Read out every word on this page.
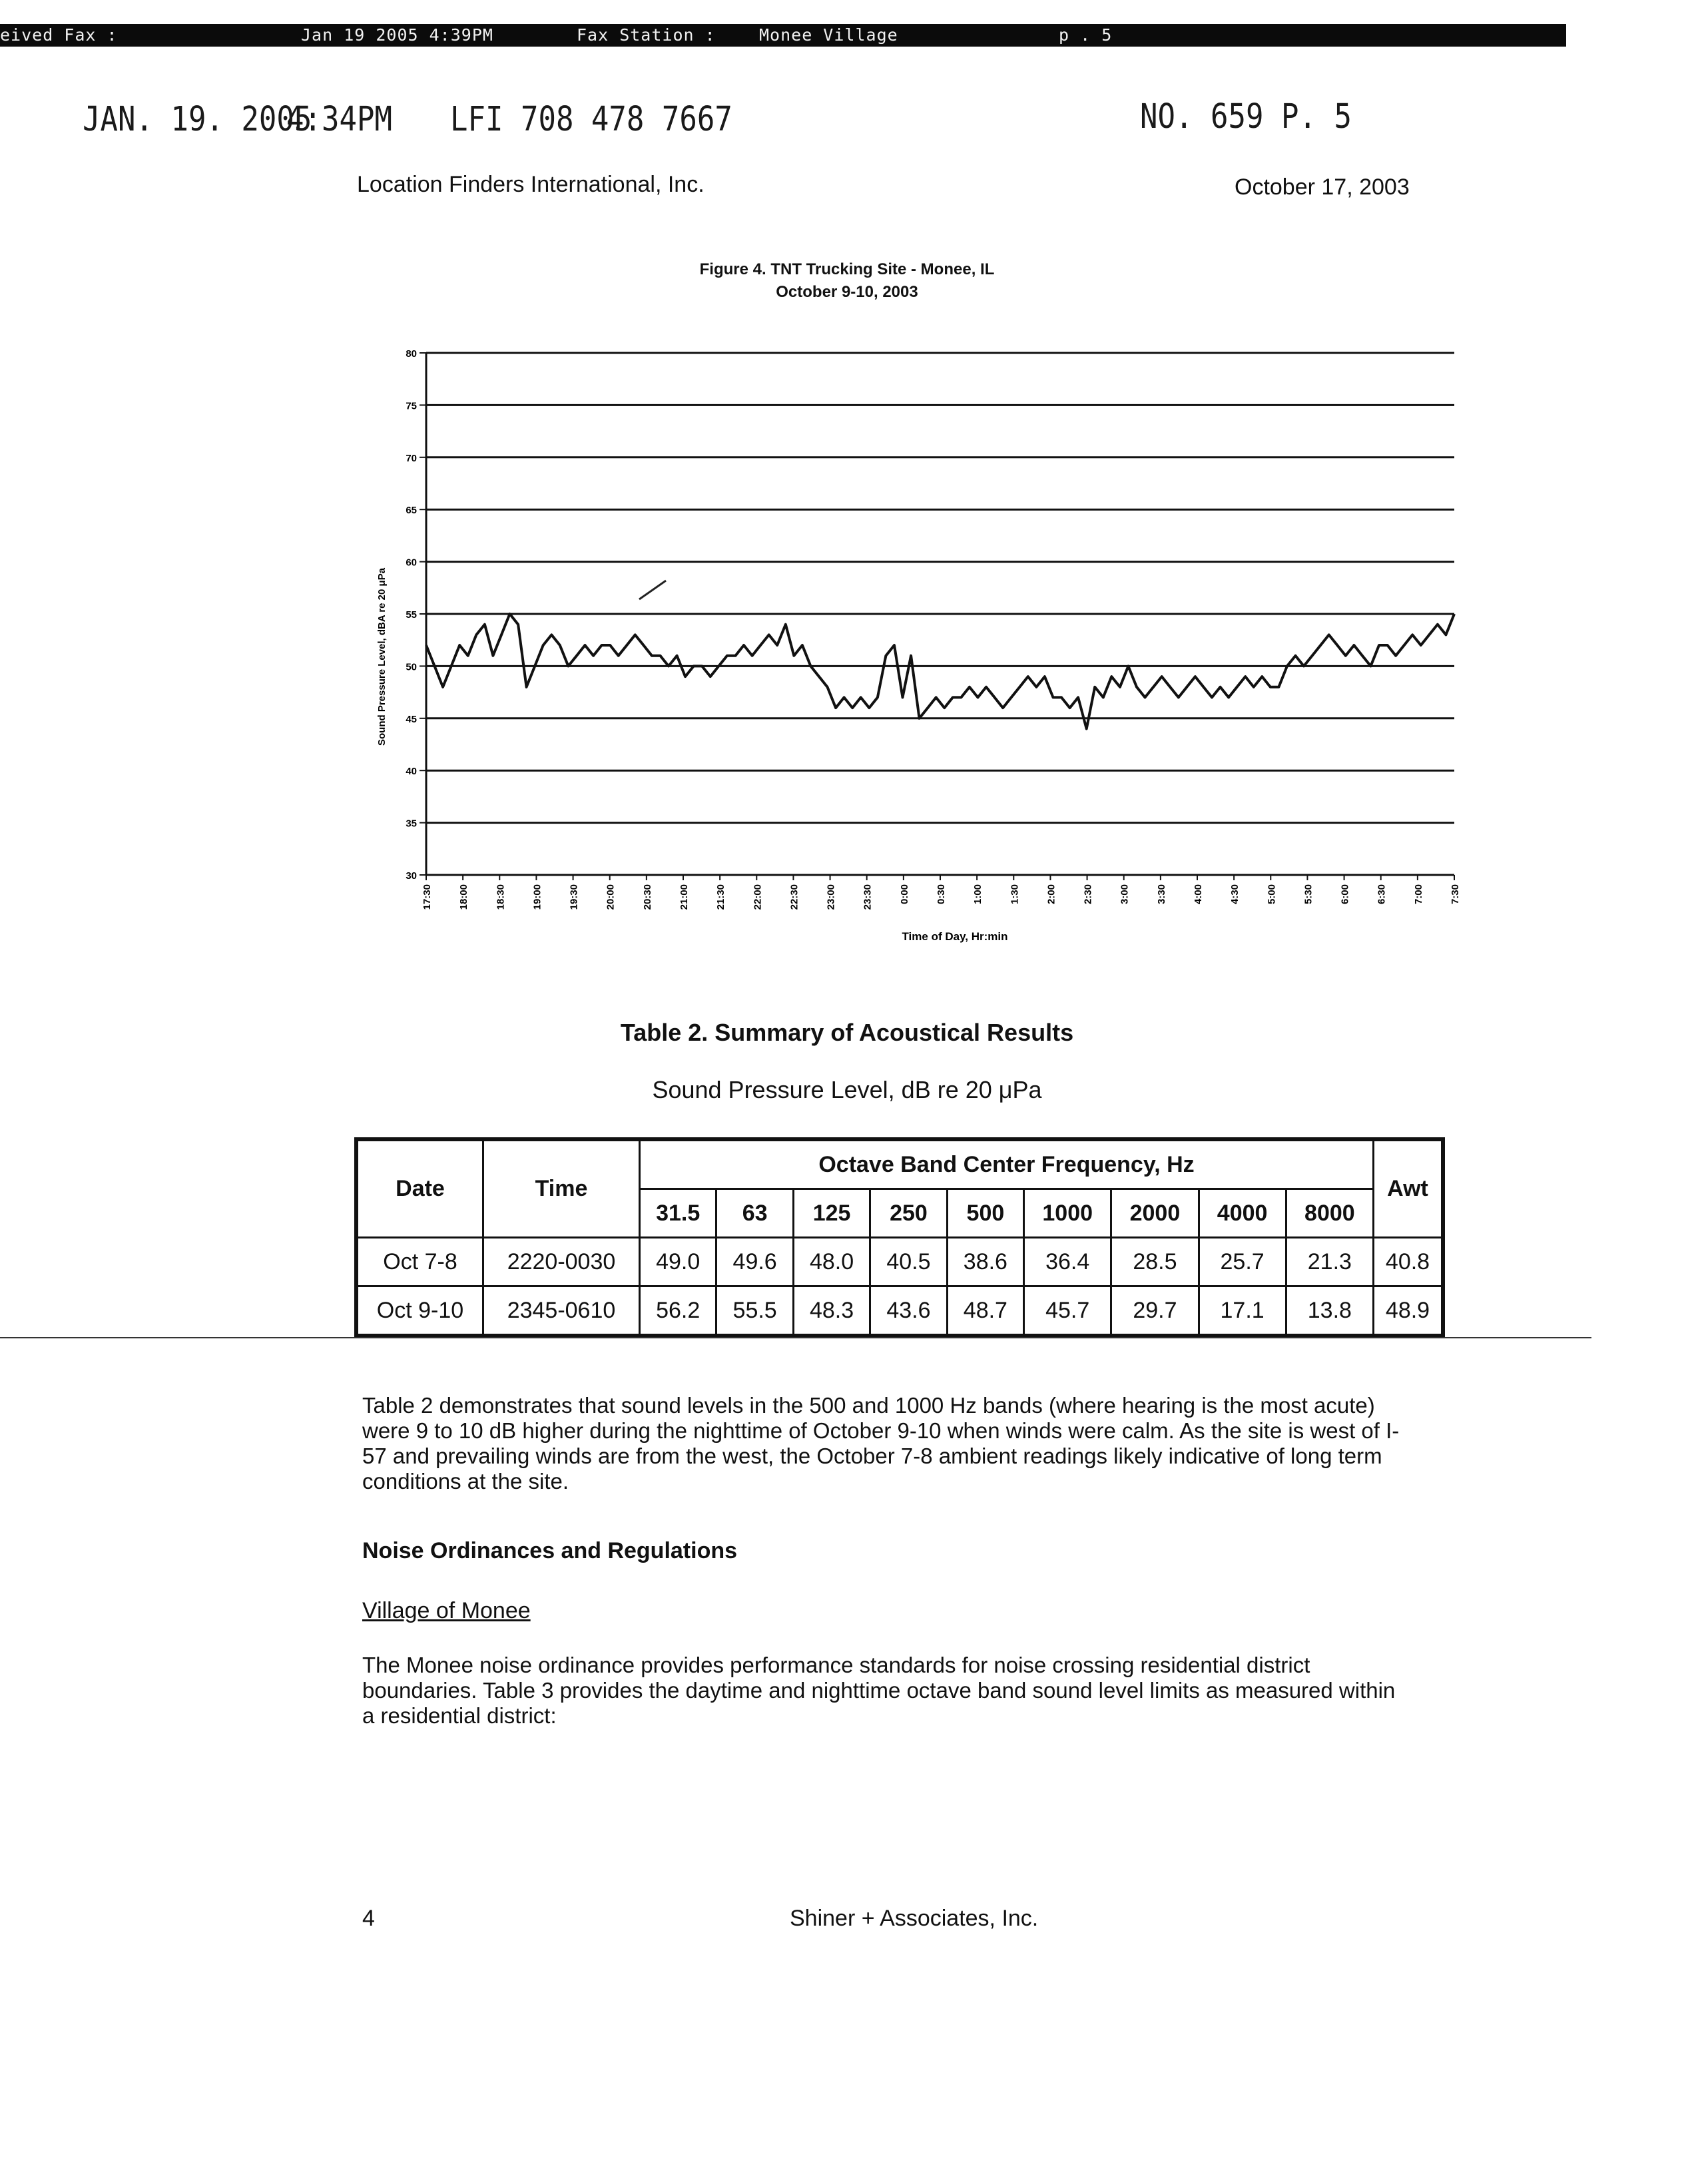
eived Fax :	Jan 19 2005 4:39PM	Fax Station :	Monee Village	p . 5
JAN. 19. 2005
4:34PM LFI 708 478 7667	NO. 659 P. 5
Location Finders International, Inc.	October 17, 2003
Figure 4. TNT Trucking Site - Monee, IL
October 9-10, 2003
30
35
40
45
50
55
60
65
70
75
80
17:30	18:00	18:30	19:00	19:30	20:00	20:30	21:00	21:30	22:00	22:30	23:00	23:30	0:00	0:30	1:00	1:30	2:00	2:30	3:00	3:30	4:00	4:30	5:00	5:30	6:00	6:30	7:00	7:30
Sound Pressure Level, dBA re 20 μPa
Time of Day, Hr:min
Table 2. Summary of Acoustical Results
Sound Pressure Level, dB re 20 μPa
Date	Time	Octave Band Center Frequency, Hz									Awt
		31.5	63	125	250	500	1000	2000	4000	8000	
Oct 7-8	2220-0030	49.0	49.6	48.0	40.5	38.6	36.4	28.5	25.7	21.3	40.8
Oct 9-10	2345-0610	56.2	55.5	48.3	43.6	48.7	45.7	29.7	17.1	13.8	48.9
Table 2 demonstrates that sound levels in the 500 and 1000 Hz bands (where hearing is the most acute) were 9 to 10 dB higher during the nighttime of October 9-10 when winds were calm. As the site is west of I-57 and prevailing winds are from the west, the October 7-8 ambient readings likely indicative of long term conditions at the site.
Noise Ordinances and Regulations
Village of Monee
The Monee noise ordinance provides performance standards for noise crossing residential district boundaries. Table 3 provides the daytime and nighttime octave band sound level limits as measured within a residential district:
4	Shiner + Associates, Inc.
